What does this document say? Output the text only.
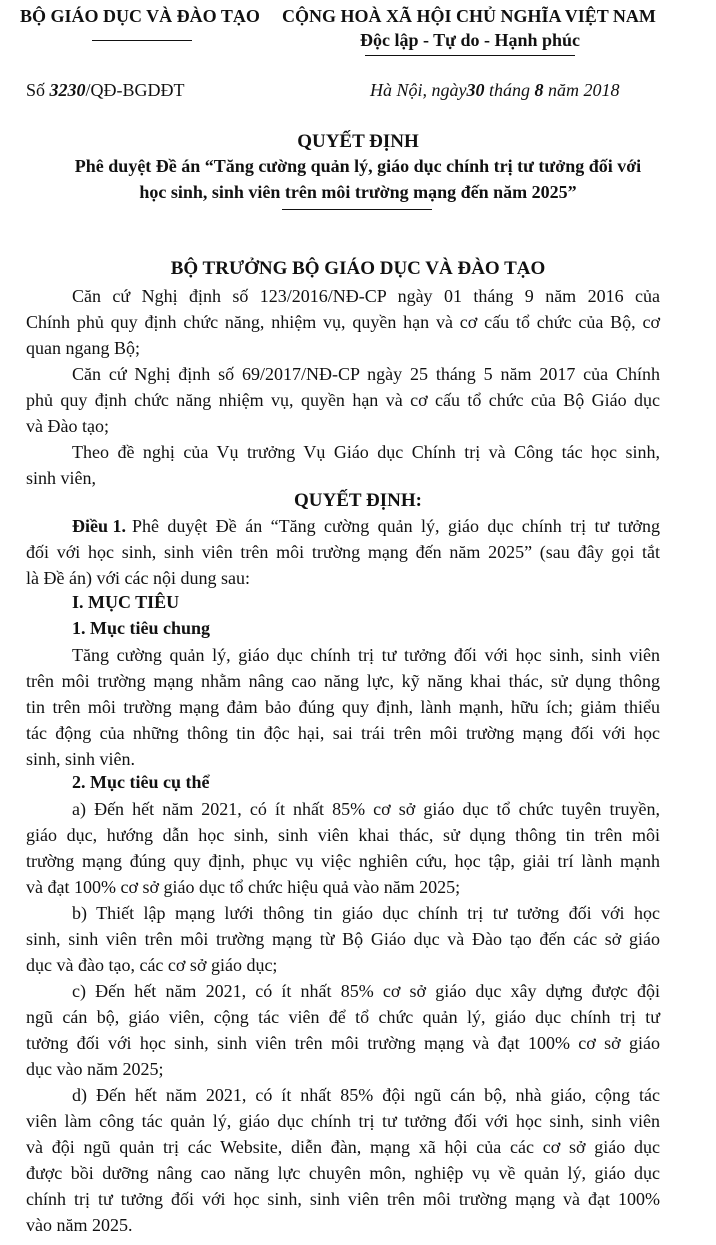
BỘ GIÁO DỤC VÀ ĐÀO TẠO CỘNG HOÀ XÃ HỘI CHỦ NGHĨA VIỆT NAM
Độc lập - Tự do - Hạnh phúc
Số 3230/QĐ-BGDĐT	Hà Nội, ngày30 tháng 8 năm 2018
QUYẾT ĐỊNH
Phê duyệt Đề án “Tăng cường quản lý, giáo dục chính trị tư tưởng đối với
học sinh, sinh viên trên môi trường mạng đến năm 2025”
BỘ TRƯỞNG BỘ GIÁO DỤC VÀ ĐÀO TẠO
Căn cứ Nghị định số 123/2016/NĐ-CP ngày 01 tháng 9 năm 2016 của
Chính phủ quy định chức năng, nhiệm vụ, quyền hạn và cơ cấu tổ chức của Bộ, cơ
quan ngang Bộ;
Căn cứ Nghị định số 69/2017/NĐ-CP ngày 25 tháng 5 năm 2017 của Chính
phủ quy định chức năng nhiệm vụ, quyền hạn và cơ cấu tổ chức của Bộ Giáo dục
và Đào tạo;
Theo đề nghị của Vụ trưởng Vụ Giáo dục Chính trị và Công tác học sinh,
sinh viên,
QUYẾT ĐỊNH:
Điều 1. Phê duyệt Đề án “Tăng cường quản lý, giáo dục chính trị tư tưởng
đối với học sinh, sinh viên trên môi trường mạng đến năm 2025” (sau đây gọi tắt
là Đề án) với các nội dung sau:
I. MỤC TIÊU
1. Mục tiêu chung
Tăng cường quản lý, giáo dục chính trị tư tưởng đối với học sinh, sinh viên
trên môi trường mạng nhằm nâng cao năng lực, kỹ năng khai thác, sử dụng thông
tin trên môi trường mạng đảm bảo đúng quy định, lành mạnh, hữu ích; giảm thiểu
tác động của những thông tin độc hại, sai trái trên môi trường mạng đối với học
sinh, sinh viên.
2. Mục tiêu cụ thể
a) Đến hết năm 2021, có ít nhất 85% cơ sở giáo dục tổ chức tuyên truyền,
giáo dục, hướng dẫn học sinh, sinh viên khai thác, sử dụng thông tin trên môi
trường mạng đúng quy định, phục vụ việc nghiên cứu, học tập, giải trí lành mạnh
và đạt 100% cơ sở giáo dục tổ chức hiệu quả vào năm 2025;
b) Thiết lập mạng lưới thông tin giáo dục chính trị tư tưởng đối với học
sinh, sinh viên trên môi trường mạng từ Bộ Giáo dục và Đào tạo đến các sở giáo
dục và đào tạo, các cơ sở giáo dục;
c) Đến hết năm 2021, có ít nhất 85% cơ sở giáo dục xây dựng được đội
ngũ cán bộ, giáo viên, cộng tác viên để tổ chức quản lý, giáo dục chính trị tư
tưởng đối với học sinh, sinh viên trên môi trường mạng và đạt 100% cơ sở giáo
dục vào năm 2025;
d) Đến hết năm 2021, có ít nhất 85% đội ngũ cán bộ, nhà giáo, cộng tác
viên làm công tác quản lý, giáo dục chính trị tư tưởng đối với học sinh, sinh viên
và đội ngũ quản trị các Website, diễn đàn, mạng xã hội của các cơ sở giáo dục
được bồi dưỡng nâng cao năng lực chuyên môn, nghiệp vụ về quản lý, giáo dục
chính trị tư tưởng đối với học sinh, sinh viên trên môi trường mạng và đạt 100%
vào năm 2025.
